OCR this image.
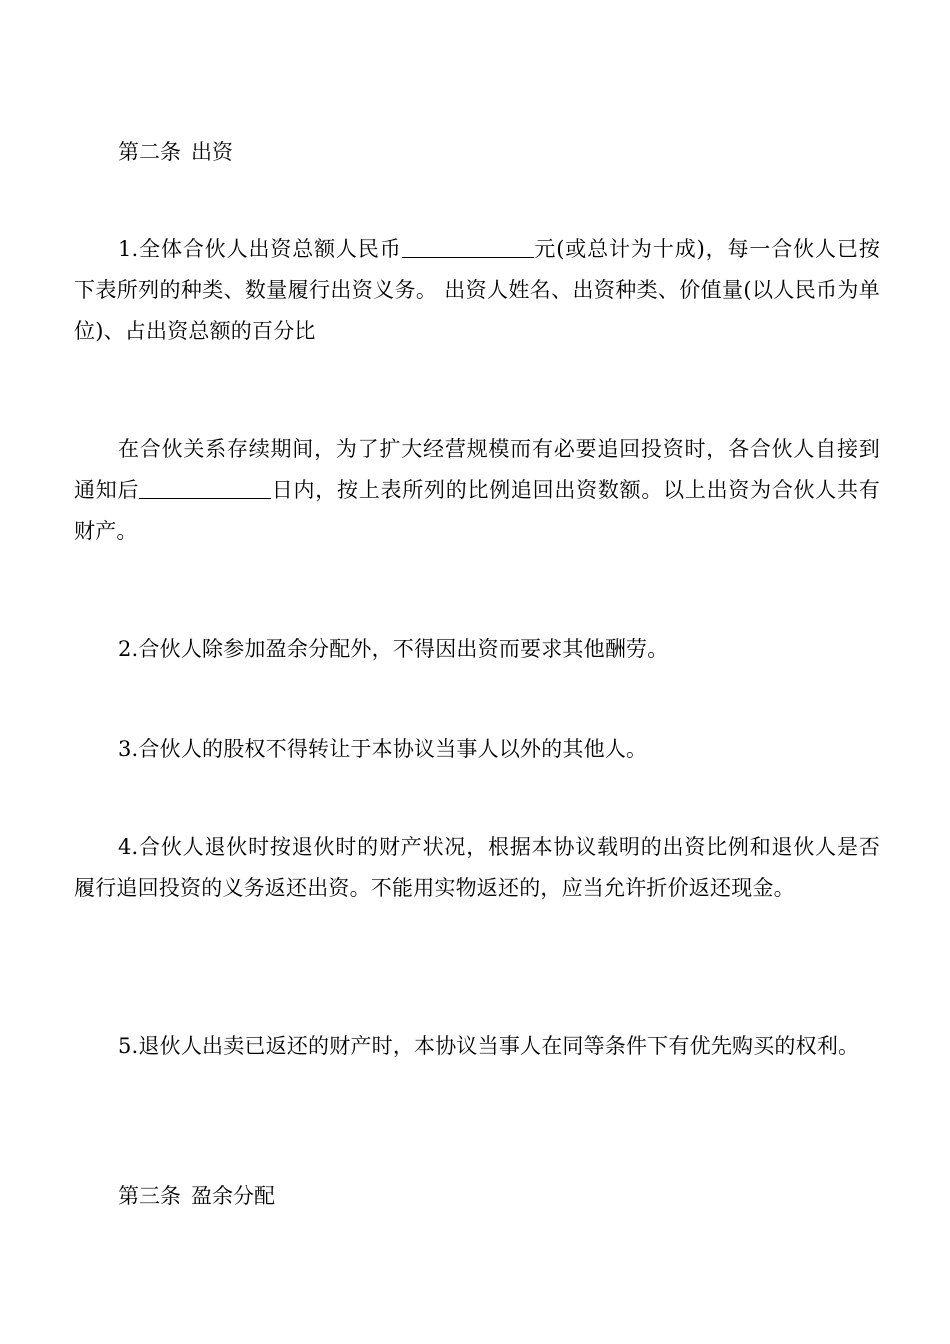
第二条 出资

1.全体合伙人出资总额人民币	元(或总计为十成)，每一合伙人已按下表所列的种类、数量履行出资义务。 出资人姓名、出资种类、价值量(以人民币为单位)、占出资总额的百分比

在合伙关系存续期间，为了扩大经营规模而有必要追回投资时，各合伙人自接到通知后	日内，按上表所列的比例追回出资数额。以上出资为合伙人共有财产。

2.合伙人除参加盈余分配外，不得因出资而要求其他酬劳。

3.合伙人的股权不得转让于本协议当事人以外的其他人。

4.合伙人退伙时按退伙时的财产状况，根据本协议载明的出资比例和退伙人是否履行追回投资的义务返还出资。不能用实物返还的，应当允许折价返还现金。

5.退伙人出卖已返还的财产时，本协议当事人在同等条件下有优先购买的权利。

第三条 盈余分配
